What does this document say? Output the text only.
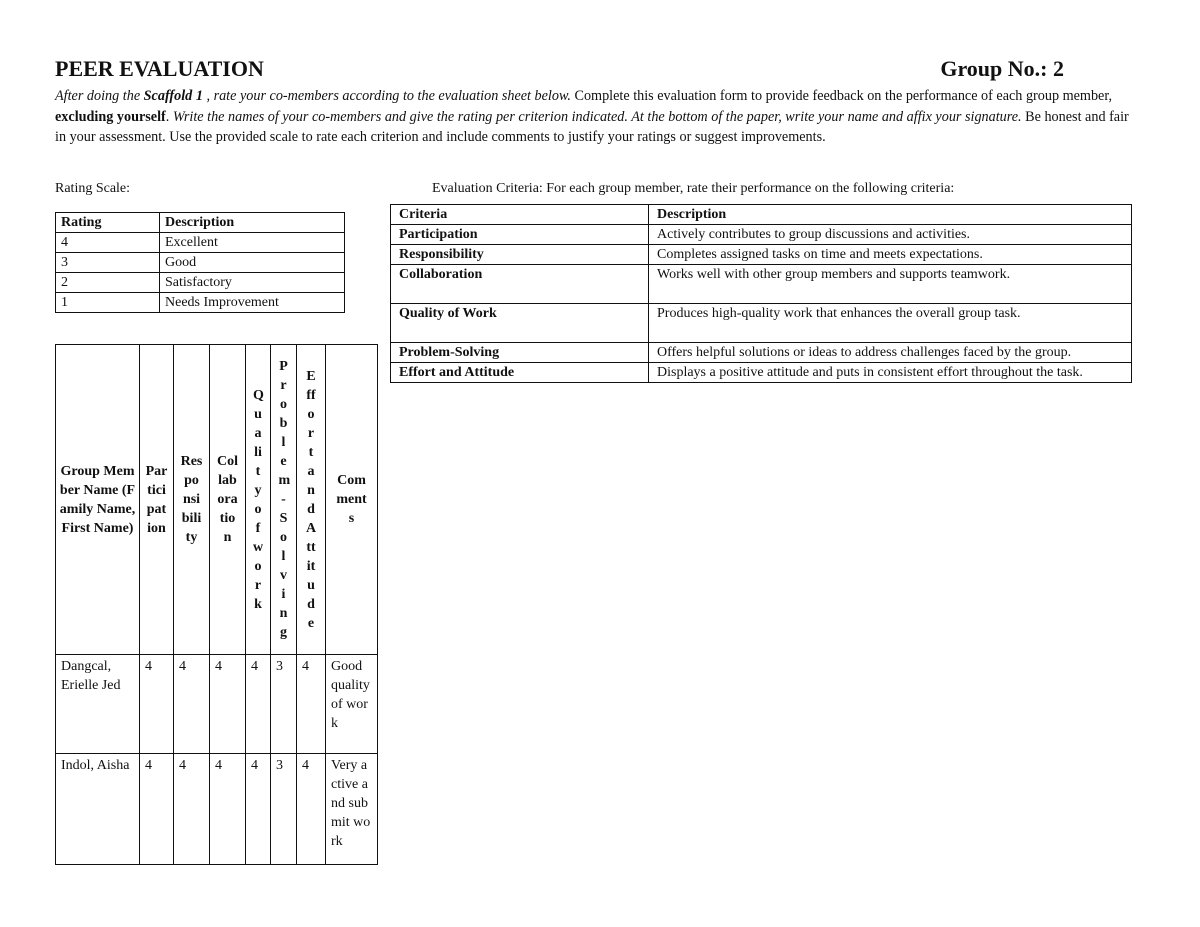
PEER EVALUATION	Group No.: 2
After doing the Scaffold 1 , rate your co-members according to the evaluation sheet below. Complete this evaluation form to provide feedback on the performance of each group member, excluding yourself. Write the names of your co-members and give the rating per criterion indicated. At the bottom of the paper, write your name and affix your signature. Be honest and fair in your assessment. Use the provided scale to rate each criterion and include comments to justify your ratings or suggest improvements.
Rating Scale:	Evaluation Criteria: For each group member, rate their performance on the following criteria:
Rating	Description
4	Excellent
3	Good
2	Satisfactory
1	Needs Improvement
Criteria	Description
Participation	Actively contributes to group discussions and activities.
Responsibility	Completes assigned tasks on time and meets expectations.
Collaboration	Works well with other group members and supports teamwork.
Quality of Work	Produces high-quality work that enhances the overall group task.
Problem-Solving	Offers helpful solutions or ideas to address challenges faced by the group.
Effort and Attitude	Displays a positive attitude and puts in consistent effort throughout the task.
Group Member Name (Family Name, First Name)	Participation	Responsibility	Collaboration	Qualityofwork	Problem-Solving	EffortandAttitude	Comments
Dangcal, Erielle Jed	4	4	4	4	3	4	Good quality of work
Indol, Aisha	4	4	4	4	3	4	Very active and submit work
